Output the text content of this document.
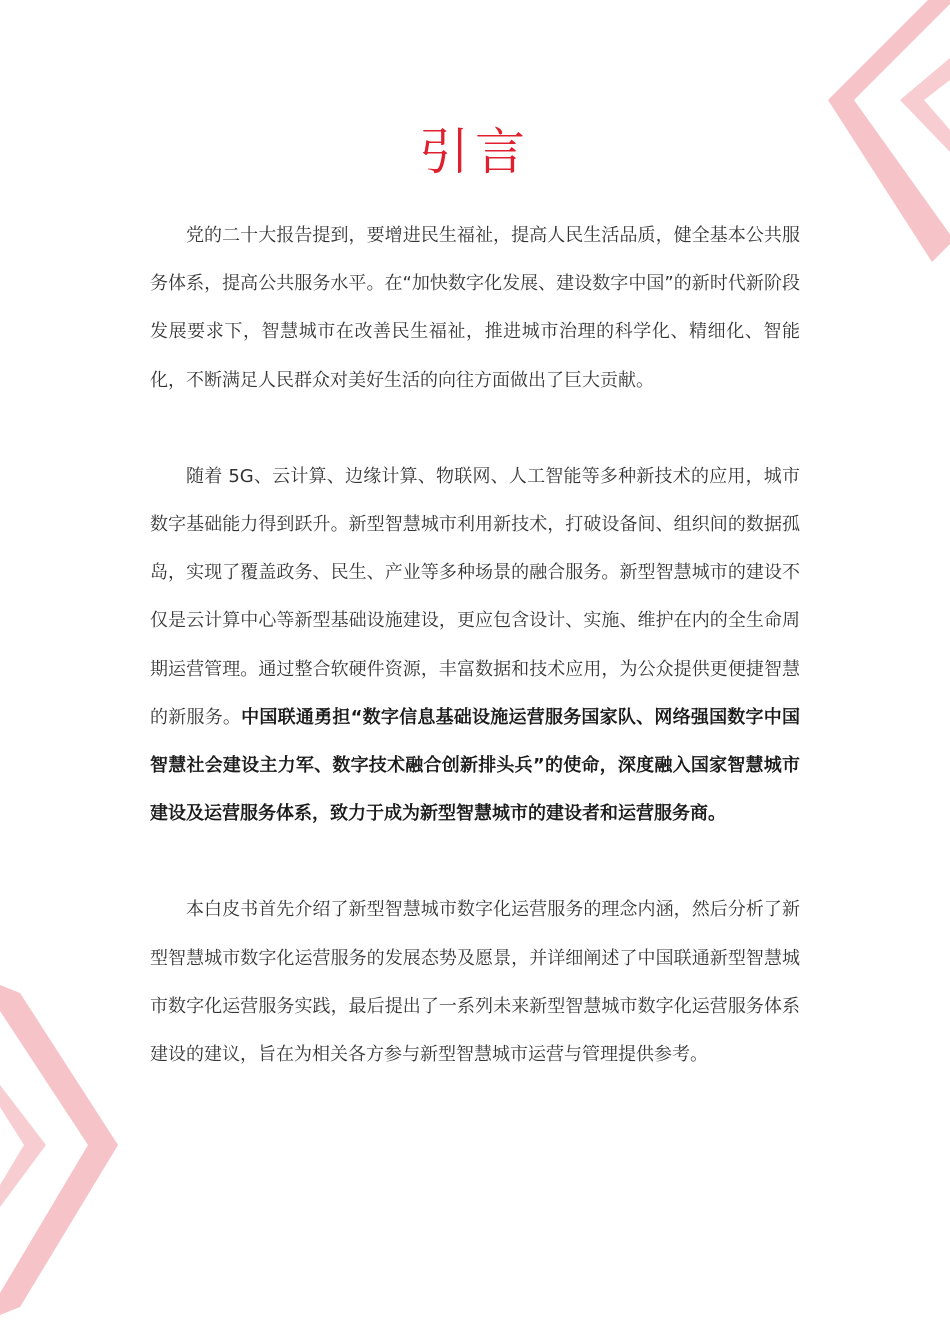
引言

党的二十大报告提到，要增进民生福祉，提高人民生活品质，健全基本公共服务体系，提高公共服务水平。在“加快数字化发展、建设数字中国”的新时代新阶段发展要求下，智慧城市在改善民生福祉，推进城市治理的科学化、精细化、智能化，不断满足人民群众对美好生活的向往方面做出了巨大贡献。

随着 5G、云计算、边缘计算、物联网、人工智能等多种新技术的应用，城市数字基础能力得到跃升。新型智慧城市利用新技术，打破设备间、组织间的数据孤岛，实现了覆盖政务、民生、产业等多种场景的融合服务。新型智慧城市的建设不仅是云计算中心等新型基础设施建设，更应包含设计、实施、维护在内的全生命周期运营管理。通过整合软硬件资源，丰富数据和技术应用，为公众提供更便捷智慧的新服务。中国联通勇担“数字信息基础设施运营服务国家队、网络强国数字中国智慧社会建设主力军、数字技术融合创新排头兵”的使命，深度融入国家智慧城市建设及运营服务体系，致力于成为新型智慧城市的建设者和运营服务商。

本白皮书首先介绍了新型智慧城市数字化运营服务的理念内涵，然后分析了新型智慧城市数字化运营服务的发展态势及愿景，并详细阐述了中国联通新型智慧城市数字化运营服务实践，最后提出了一系列未来新型智慧城市数字化运营服务体系建设的建议，旨在为相关各方参与新型智慧城市运营与管理提供参考。
